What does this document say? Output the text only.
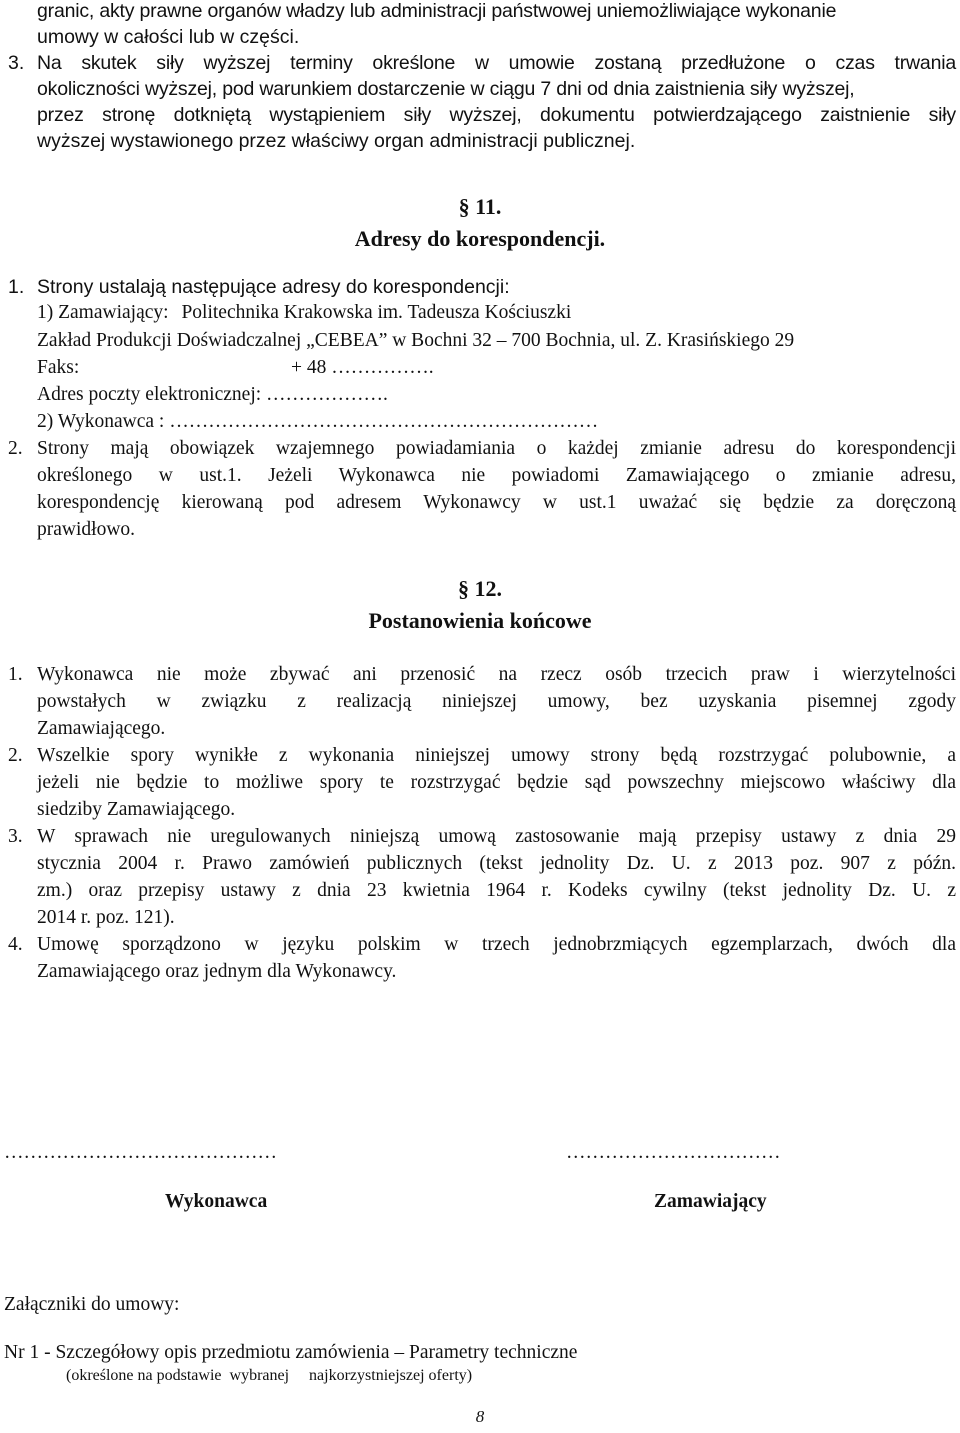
granic, akty prawne organów władzy lub administracji państwowej uniemożliwiające wykonanie
umowy w całości lub w części.
3. Na skutek siły wyższej terminy określone w umowie zostaną przedłużone o czas trwania
okoliczności wyższej, pod warunkiem dostarczenie w ciągu 7 dni od dnia zaistnienia siły wyższej,
przez stronę dotkniętą wystąpieniem siły wyższej, dokumentu potwierdzającego zaistnienie siły
wyższej wystawionego przez właściwy organ administracji publicznej.
§ 11.
Adresy do korespondencji.
1. Strony ustalają następujące adresy do korespondencji:
1) Zamawiający: Politechnika Krakowska im. Tadeusza Kościuszki
Zakład Produkcji Doświadczalnej „CEBEA” w Bochni 32 – 700 Bochnia, ul. Z. Krasińskiego 29
Faks:	+ 48 …………….
Adres poczty elektronicznej: ……………….
2) Wykonawca : …………………………………………………………
2. Strony mają obowiązek wzajemnego powiadamiania o każdej zmianie adresu do korespondencji
określonego w ust.1. Jeżeli Wykonawca nie powiadomi Zamawiającego o zmianie adresu,
korespondencję kierowaną pod adresem Wykonawcy w ust.1 uważać się będzie za doręczoną
prawidłowo.
§ 12.
Postanowienia końcowe
1. Wykonawca nie może zbywać ani przenosić na rzecz osób trzecich praw i wierzytelności
powstałych w związku z realizacją niniejszej umowy, bez uzyskania pisemnej zgody
Zamawiającego.
2. Wszelkie spory wynikłe z wykonania niniejszej umowy strony będą rozstrzygać polubownie, a
jeżeli nie będzie to możliwe spory te rozstrzygać będzie sąd powszechny miejscowo właściwy dla
siedziby Zamawiającego.
3. W sprawach nie uregulowanych niniejszą umową zastosowanie mają przepisy ustawy z dnia 29
stycznia 2004 r. Prawo zamówień publicznych (tekst jednolity Dz. U. z 2013 poz. 907 z późn.
zm.) oraz przepisy ustawy z dnia 23 kwietnia 1964 r. Kodeks cywilny (tekst jednolity Dz. U. z
2014 r. poz. 121).
4. Umowę sporządzono w języku polskim w trzech jednobrzmiących egzemplarzach, dwóch dla
Zamawiającego oraz jednym dla Wykonawcy.
……………………………………	……………………………
Wykonawca	Zamawiający
Załączniki do umowy:
Nr 1 - Szczegółowy opis przedmiotu zamówienia – Parametry techniczne
(określone na podstawie  wybranej     najkorzystniejszej oferty)
8
